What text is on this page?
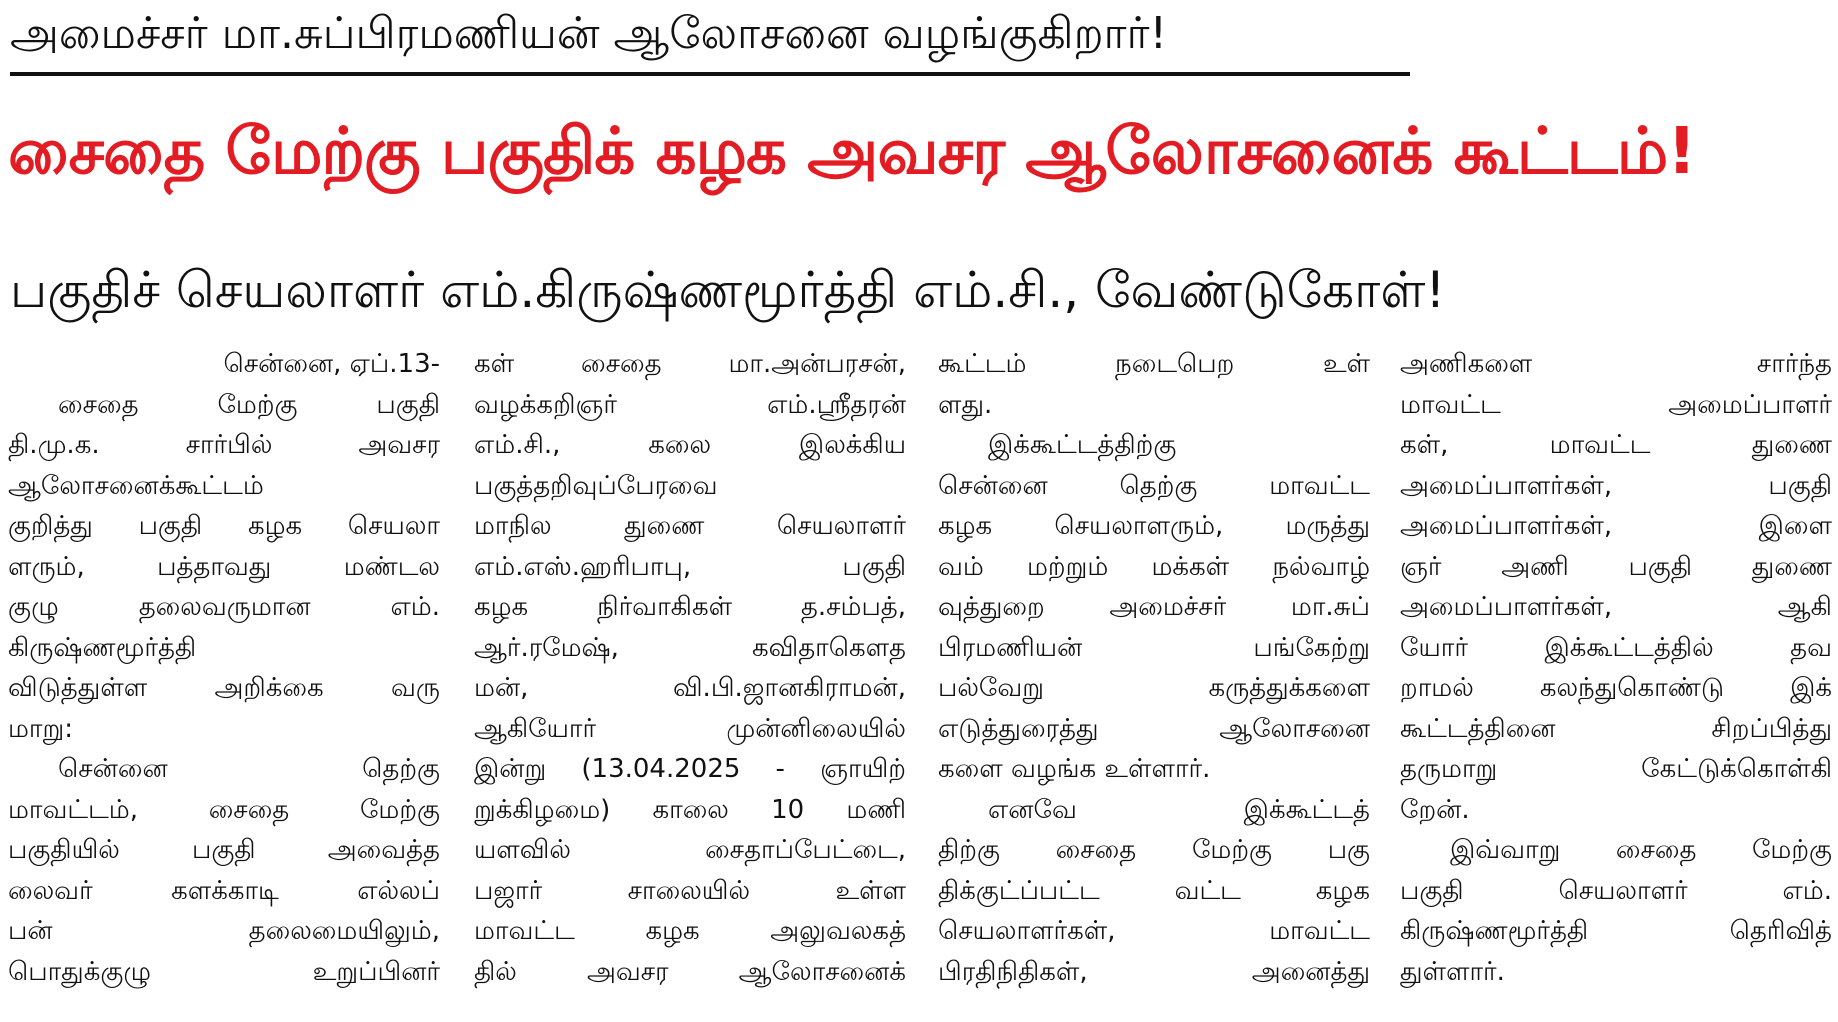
அமைச்சர் மா.சுப்பிரமணியன் ஆலோசனை வழங்குகிறார்!
சைதை மேற்கு பகுதிக் கழக அவசர ஆலோசனைக் கூட்டம்!
பகுதிச் செயலாளர் எம்.கிருஷ்ணமூர்த்தி எம்.சி., வேண்டுகோள்!
சென்னை, ஏப்.13-
சைதை மேற்கு பகுதி
தி.மு.க. சார்பில் அவசர
ஆலோசனைக்கூட்டம்
குறித்து பகுதி கழக செயலா
ளரும், பத்தாவது மண்டல
குழு தலைவருமான எம்.
கிருஷ்ணமூர்த்தி
விடுத்துள்ள அறிக்கை வரு
மாறு:
சென்னை தெற்கு
மாவட்டம், சைதை மேற்கு
பகுதியில் பகுதி அவைத்த
லைவர் களக்காடி எல்லப்
பன் தலைமையிலும்,
பொதுக்குழு உறுப்பினர்
கள் சைதை மா.அன்பரசன்,
வழக்கறிஞர் எம்.ஸ்ரீதரன்
எம்.சி., கலை இலக்கிய
பகுத்தறிவுப்பேரவை
மாநில துணை செயலாளர்
எம்.எஸ்.ஹரிபாபு, பகுதி
கழக நிர்வாகிகள் த.சம்பத்,
ஆர்.ரமேஷ், கவிதாகௌத
மன், வி.பி.ஜானகிராமன்,
ஆகியோர் முன்னிலையில்
இன்று (13.04.2025 - ஞாயிற்
றுக்கிழமை) காலை 10 மணி
யளவில் சைதாப்பேட்டை,
பஜார் சாலையில் உள்ள
மாவட்ட கழக அலுவலகத்
தில் அவசர ஆலோசனைக்
கூட்டம் நடைபெற உள்
ளது.
இக்கூட்டத்திற்கு
சென்னை தெற்கு மாவட்ட
கழக செயலாளரும், மருத்து
வம் மற்றும் மக்கள் நல்வாழ்
வுத்துறை அமைச்சர் மா.சுப்
பிரமணியன் பங்கேற்று
பல்வேறு கருத்துக்களை
எடுத்துரைத்து ஆலோசனை
களை வழங்க உள்ளார்.
எனவே இக்கூட்டத்
திற்கு சைதை மேற்கு பகு
திக்குட்ப்பட்ட வட்ட கழக
செயலாளர்கள், மாவட்ட
பிரதிநிதிகள், அனைத்து
அணிகளை சார்ந்த
மாவட்ட அமைப்பாளர்
கள், மாவட்ட துணை
அமைப்பாளர்கள், பகுதி
அமைப்பாளர்கள், இளை
ஞர் அணி பகுதி துணை
அமைப்பாளர்கள், ஆகி
யோர் இக்கூட்டத்தில் தவ
றாமல் கலந்துகொண்டு இக்
கூட்டத்தினை சிறப்பித்து
தருமாறு கேட்டுக்கொள்கி
றேன்.
இவ்வாறு சைதை மேற்கு
பகுதி செயலாளர் எம்.
கிருஷ்ணமூர்த்தி தெரிவித்
துள்ளார்.
